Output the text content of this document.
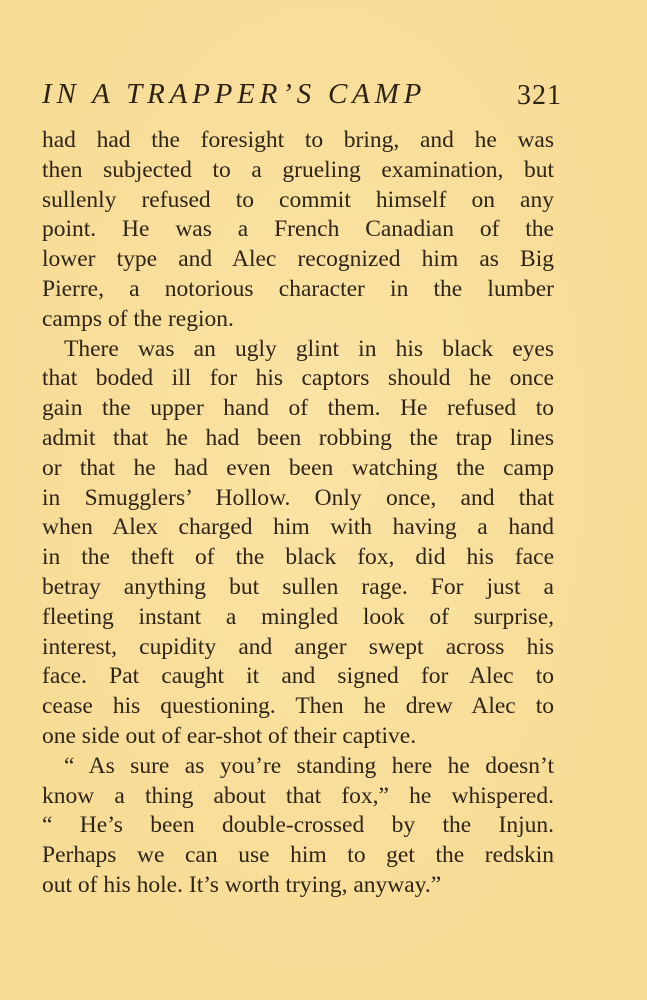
IN A TRAPPER’S CAMP	321
had had the foresight to bring, and he was
then subjected to a grueling examination, but
sullenly refused to commit himself on any
point. He was a French Canadian of the
lower type and Alec recognized him as Big
Pierre, a notorious character in the lumber
camps of the region.
There was an ugly glint in his black eyes
that boded ill for his captors should he once
gain the upper hand of them. He refused to
admit that he had been robbing the trap lines
or that he had even been watching the camp
in Smugglers’ Hollow. Only once, and that
when Alex charged him with having a hand
in the theft of the black fox, did his face
betray anything but sullen rage. For just a
fleeting instant a mingled look of surprise,
interest, cupidity and anger swept across his
face. Pat caught it and signed for Alec to
cease his questioning. Then he drew Alec to
one side out of ear-shot of their captive.
“ As sure as you’re standing here he doesn’t
know a thing about that fox,” he whispered.
“ He’s been double-crossed by the Injun.
Perhaps we can use him to get the redskin
out of his hole. It’s worth trying, anyway.”
